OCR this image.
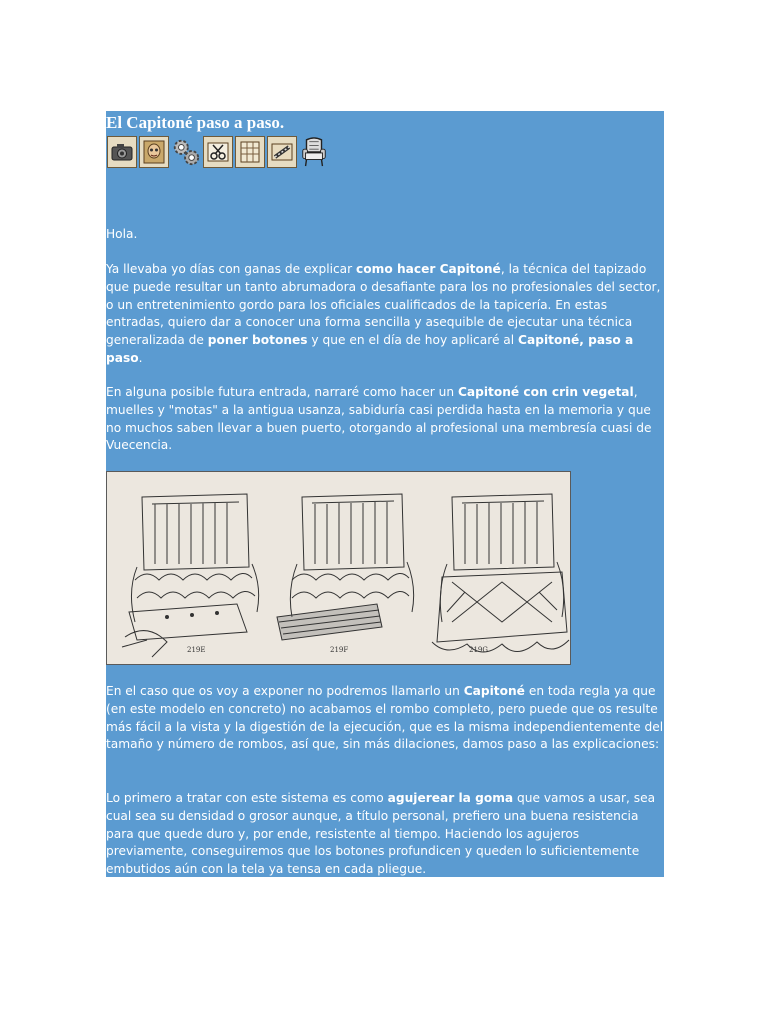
El Capitoné paso a paso.

Hola.

Ya llevaba yo días con ganas de explicar como hacer Capitoné, la técnica del tapizado que puede resultar un tanto abrumadora o desafiante para los no profesionales del sector, o un entretenimiento gordo para los oficiales cualificados de la tapicería. En estas entradas, quiero dar a conocer una forma sencilla y asequible de ejecutar una técnica generalizada de poner botones y que en el día de hoy aplicaré al Capitoné, paso a paso.

En alguna posible futura entrada, narraré como hacer un Capitoné con crin vegetal, muelles y "motas" a la antigua usanza, sabiduría casi perdida hasta en la memoria y que no muchos saben llevar a buen puerto, otorgando al profesional una membresía cuasi de Vuecencia.

219E	219F	219G

En el caso que os voy a exponer no podremos llamarlo un Capitoné en toda regla ya que (en este modelo en concreto) no acabamos el rombo completo, pero puede que os resulte más fácil a la vista y la digestión de la ejecución, que es la misma independientemente del tamaño y número de rombos, así que, sin más dilaciones, damos paso a las explicaciones:

Lo primero a tratar con este sistema es como agujerear la goma que vamos a usar, sea cual sea su densidad o grosor aunque, a título personal, prefiero una buena resistencia para que quede duro y, por ende, resistente al tiempo. Haciendo los agujeros previamente, conseguiremos que los botones profundicen y queden lo suficientemente embutidos aún con la tela ya tensa en cada pliegue.
